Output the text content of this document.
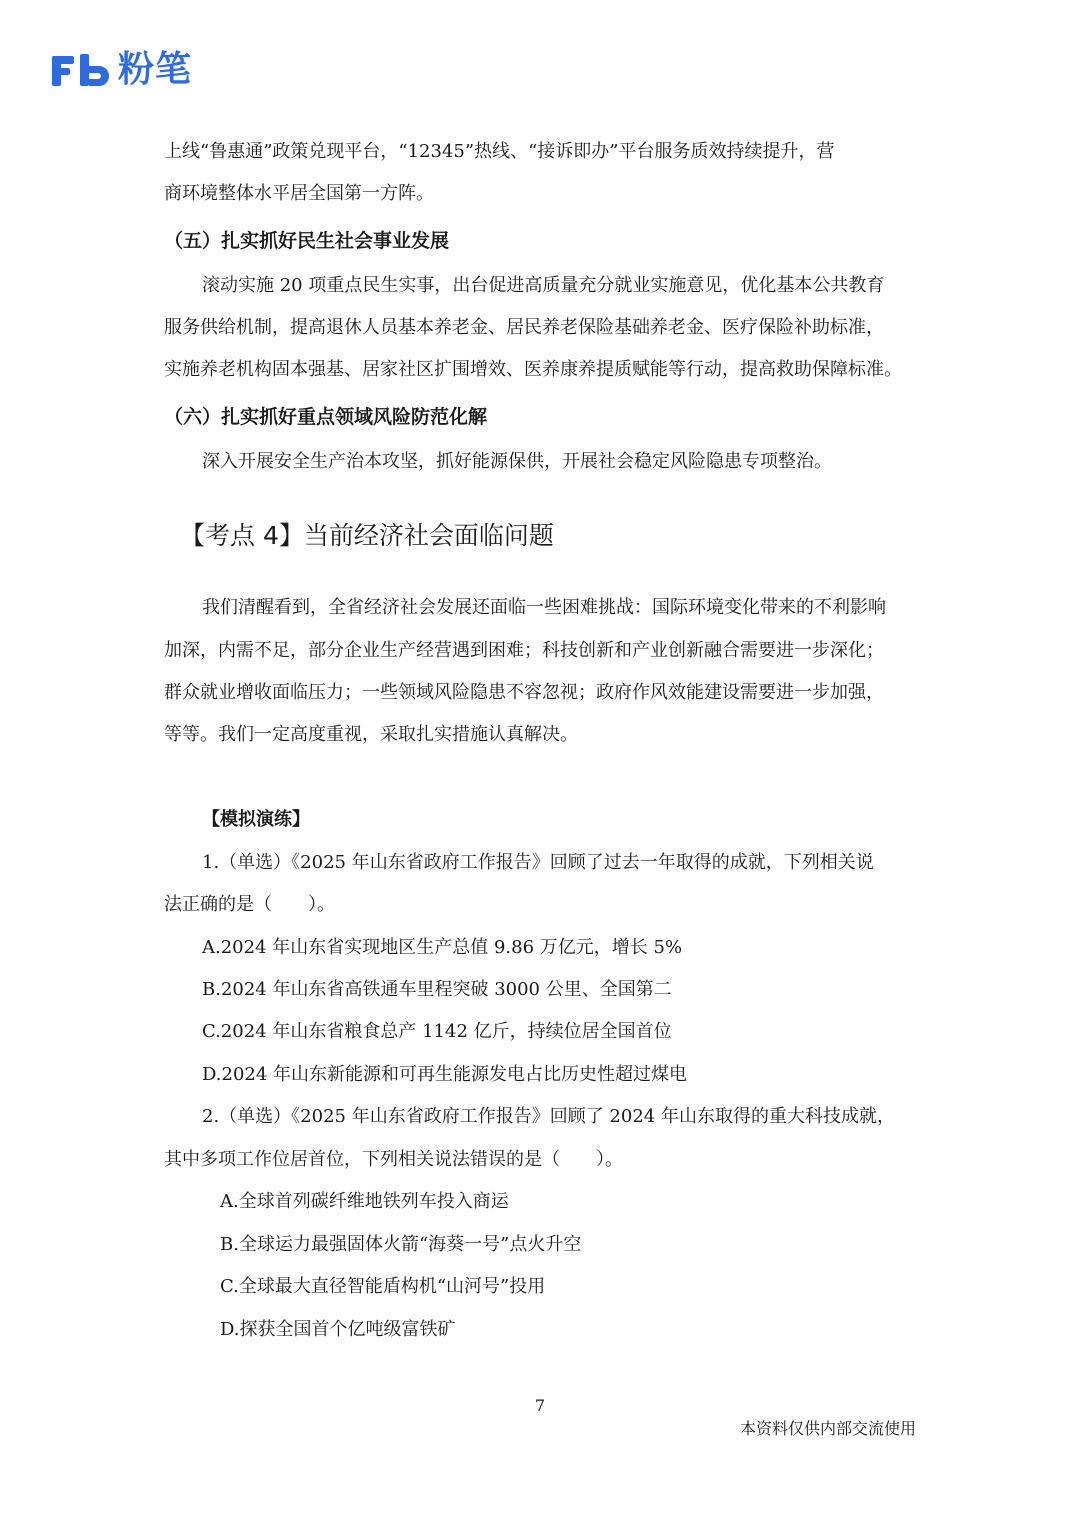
粉笔
上线“鲁惠通”政策兑现平台，“12345”热线、“接诉即办”平台服务质效持续提升，营
商环境整体水平居全国第一方阵。
（五）扎实抓好民生社会事业发展
滚动实施 20 项重点民生实事，出台促进高质量充分就业实施意见，优化基本公共教育
服务供给机制，提高退休人员基本养老金、居民养老保险基础养老金、医疗保险补助标准，
实施养老机构固本强基、居家社区扩围增效、医养康养提质赋能等行动，提高救助保障标准。
（六）扎实抓好重点领域风险防范化解
深入开展安全生产治本攻坚，抓好能源保供，开展社会稳定风险隐患专项整治。
【考点 4】当前经济社会面临问题
我们清醒看到，全省经济社会发展还面临一些困难挑战：国际环境变化带来的不利影响
加深，内需不足，部分企业生产经营遇到困难；科技创新和产业创新融合需要进一步深化；
群众就业增收面临压力；一些领域风险隐患不容忽视；政府作风效能建设需要进一步加强，
等等。我们一定高度重视，采取扎实措施认真解决。
【模拟演练】
1.（单选）《2025 年山东省政府工作报告》回顾了过去一年取得的成就，下列相关说
法正确的是（　　）。
A.2024 年山东省实现地区生产总值 9.86 万亿元，增长 5%
B.2024 年山东省高铁通车里程突破 3000 公里、全国第二
C.2024 年山东省粮食总产 1142 亿斤，持续位居全国首位
D.2024 年山东新能源和可再生能源发电占比历史性超过煤电
2.（单选）《2025 年山东省政府工作报告》回顾了 2024 年山东取得的重大科技成就，
其中多项工作位居首位，下列相关说法错误的是（　　）。
A.全球首列碳纤维地铁列车投入商运
B.全球运力最强固体火箭“海葵一号”点火升空
C.全球最大直径智能盾构机“山河号”投用
D.探获全国首个亿吨级富铁矿
7
本资料仅供内部交流使用
